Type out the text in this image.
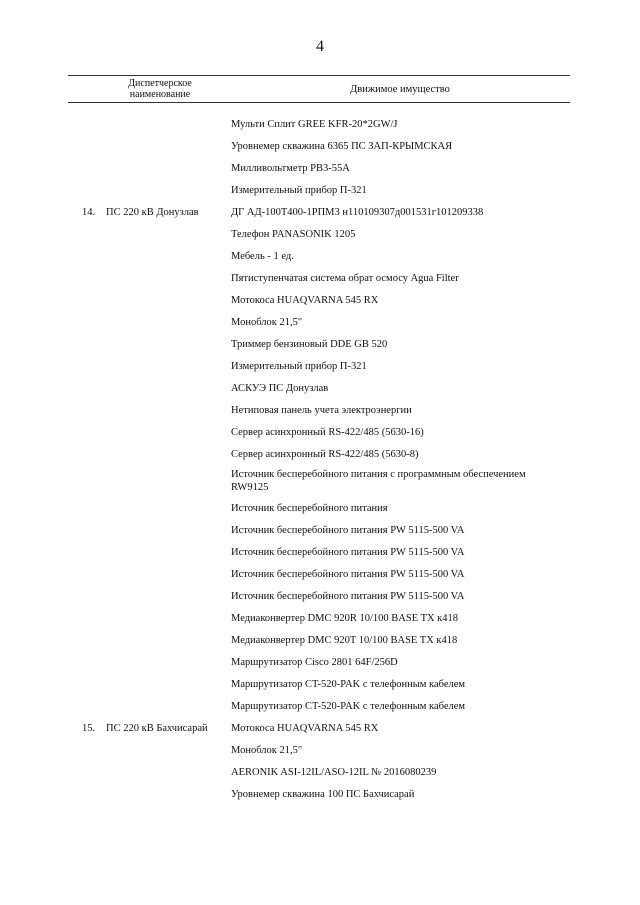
4
Диспетчерское
наименование	Движимое имущество
Мульти Сплит GREE KFR-20*2GW/J
Уровнемер скважина 6365 ПС ЗАП-КРЫМСКАЯ
Милливольтметр РВ3-55А
Измерительный прибор П-321
14. ПС 220 кВ Донузлав	ДГ АД-100Т400-1РПМ3 н110109307д001531г101209338
Телефон PANASONIK 1205
Мебель - 1 ед.
Пятиступенчатая система обрат осмосу Agua Filter
Мотокоса HUAQVARNA 545 RX
Моноблок 21,5"
Триммер бензиновый DDE GB 520
Измерительный прибор П-321
АСКУЭ ПС Донузлав
Нетиповая панель учета электроэнергии
Сервер асинхронный RS-422/485 (5630-16)
Сервер асинхронный RS-422/485 (5630-8)
Источник бесперебойного питания с программным обеспечением
RW9125
Источник бесперебойного питания
Источник бесперебойного питания PW 5115-500 VA
Источник бесперебойного питания PW 5115-500 VA
Источник бесперебойного питания PW 5115-500 VA
Источник бесперебойного питания PW 5115-500 VA
Медиаконвертер DMC 920R 10/100 BASE TX к418
Медиаконвертер DMC 920T 10/100 BASE TX к418
Маршрутизатор Cisco 2801 64F/256D
Маршрутизатор CT-520-PAK с телефонным кабелем
Маршрутизатор CT-520-PAK с телефонным кабелем
15. ПС 220 кВ Бахчисарай Мотокоса HUAQVARNA 545 RX
Моноблок 21,5"
AERONIK ASI-12IL/ASO-12IL № 2016080239
Уровнемер скважина 100 ПС Бахчисарай
